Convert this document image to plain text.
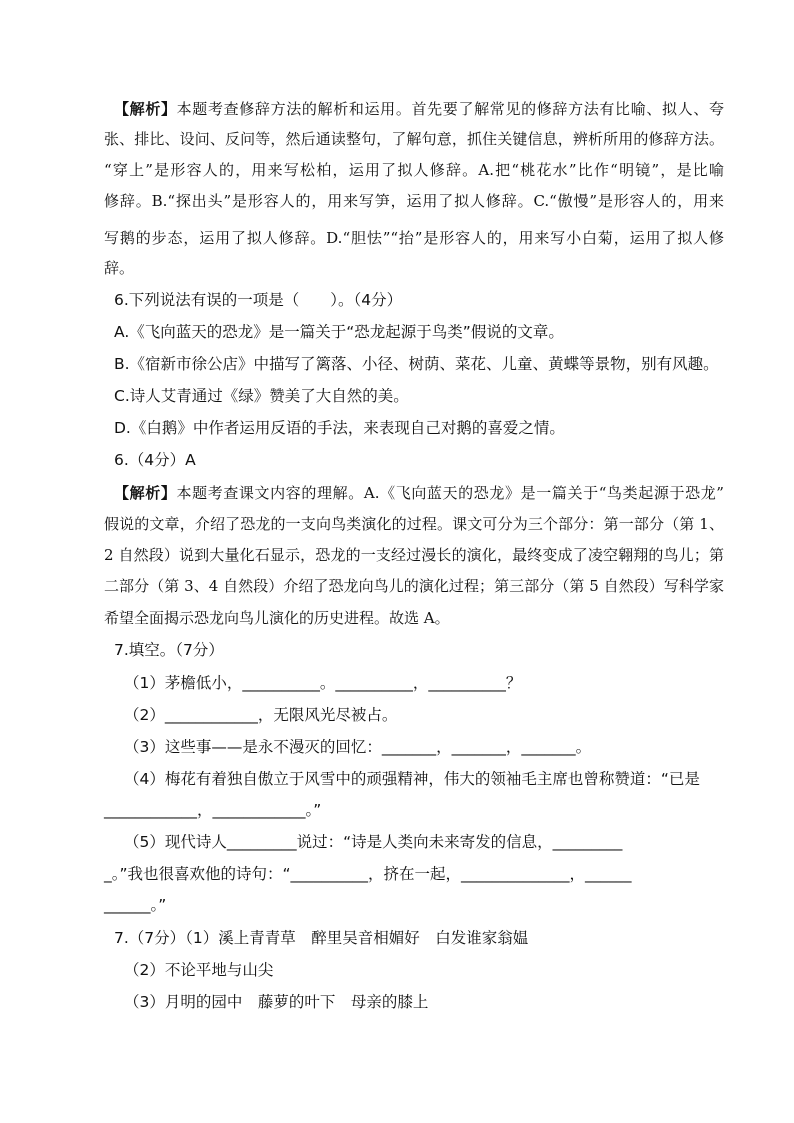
【解析】本题考查修辞方法的解析和运用。首先要了解常见的修辞方法有比喻、拟人、夸
张、排比、设问、反问等，然后通读整句，了解句意，抓住关键信息，辨析所用的修辞方法。
“穿上”是形容人的，用来写松柏，运用了拟人修辞。A.把“桃花水”比作“明镜”，是比喻
修辞。B.“探出头”是形容人的，用来写笋，运用了拟人修辞。C.“傲慢”是形容人的，用来
写鹅的步态，运用了拟人修辞。D.“胆怯”“抬”是形容人的，用来写小白菊，运用了拟人修
辞。
6.下列说法有误的一项是（　　）。（4分）
A.《飞向蓝天的恐龙》是一篇关于“恐龙起源于鸟类”假说的文章。
B.《宿新市徐公店》中描写了篱落、小径、树荫、菜花、儿童、黄蝶等景物，别有风趣。
C.诗人艾青通过《绿》赞美了大自然的美。
D.《白鹅》中作者运用反语的手法，来表现自己对鹅的喜爱之情。
6.（4分）A
【解析】本题考查课文内容的理解。A.《飞向蓝天的恐龙》是一篇关于“鸟类起源于恐龙”
假说的文章，介绍了恐龙的一支向鸟类演化的过程。课文可分为三个部分：第一部分（第 1、
2 自然段）说到大量化石显示，恐龙的一支经过漫长的演化，最终变成了凌空翱翔的鸟儿；第
二部分（第 3、4 自然段）介绍了恐龙向鸟儿的演化过程；第三部分（第 5 自然段）写科学家
希望全面揭示恐龙向鸟儿演化的历史进程。故选 A。
7.填空。（7分）
（1）茅檐低小，__________。__________，__________？
（2）____________，无限风光尽被占。
（3）这些事——是永不漫灭的回忆：_______，_______，_______。
（4）梅花有着独自傲立于风雪中的顽强精神，伟大的领袖毛主席也曾称赞道：“已是
____________，____________。”
（5）现代诗人_________说过：“诗是人类向未来寄发的信息，_________
_。”我也很喜欢他的诗句：“__________，挤在一起，______________，______
______。”
7.（7分）（1）溪上青青草　醉里吴音相媚好　白发谁家翁媪
（2）不论平地与山尖
（3）月明的园中　藤萝的叶下　母亲的膝上
